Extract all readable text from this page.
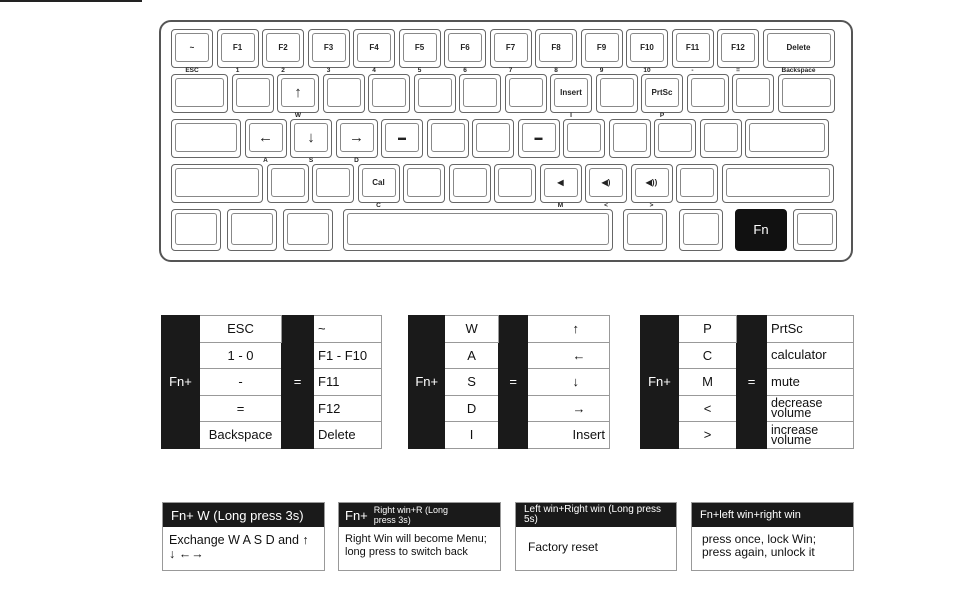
~
ESC
F1
1
F2
2
F3
3
F4
4
F5
5
F6
6
F7
7
F8
8
F9
9
F10
10
F11
-
F12
=
Delete
Backspace
↑
W
Insert
I
PrtSc
P
←
A
↓
S
→
D
▬	▬
Cal
C
◀
M
◀)
<
◀))
>
Fn
Fn+	ESC	=	~
	1 - 0		F1 - F10
	-		F11
	=		F12
	Backspace		Delete
Fn+	W	=	↑
	A		←
	S		↓
	D		→
	I		Insert
Fn+	P	=	PrtSc
	C		calculator
	M		mute
	<		decrease volume
	>		increase volume
Fn+ W (Long press 3s)
Exchange W A S D and ↑ ↓ ←→
Fn+ Right win+R (Long press 3s)
Right Win will become Menu; long press to switch back
Left win+Right win (Long press 5s)
Factory reset
Fn+left win+right win
press once, lock Win; press again, unlock it
